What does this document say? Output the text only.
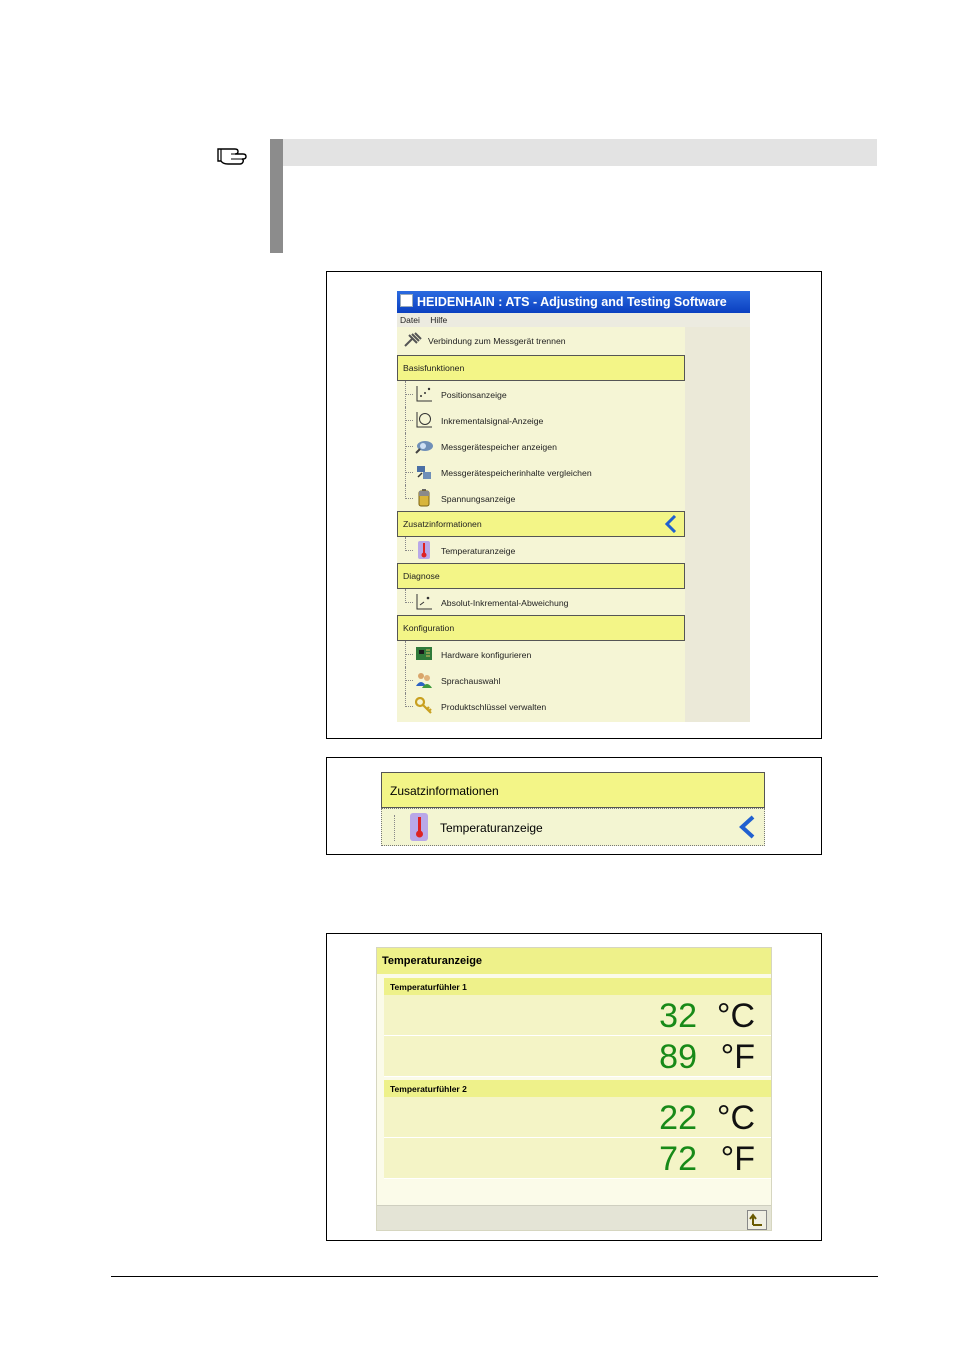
HEIDENHAIN : ATS - Adjusting and Testing Software
Datei Hilfe
Verbindung zum Messgerät trennen
Basisfunktionen
Positionsanzeige
Inkrementalsignal-Anzeige
Messgerätespeicher anzeigen
Messgerätespeicherinhalte vergleichen
Spannungsanzeige
Zusatzinformationen
Temperaturanzeige
Diagnose
Absolut-Inkremental-Abweichung
Konfiguration
Hardware konfigurieren
Sprachauswahl
Produktschlüssel verwalten
Zusatzinformationen
Temperaturanzeige
Temperaturanzeige
Temperaturfühler 1
32 °C
89 °F
Temperaturfühler 2
22 °C
72 °F
